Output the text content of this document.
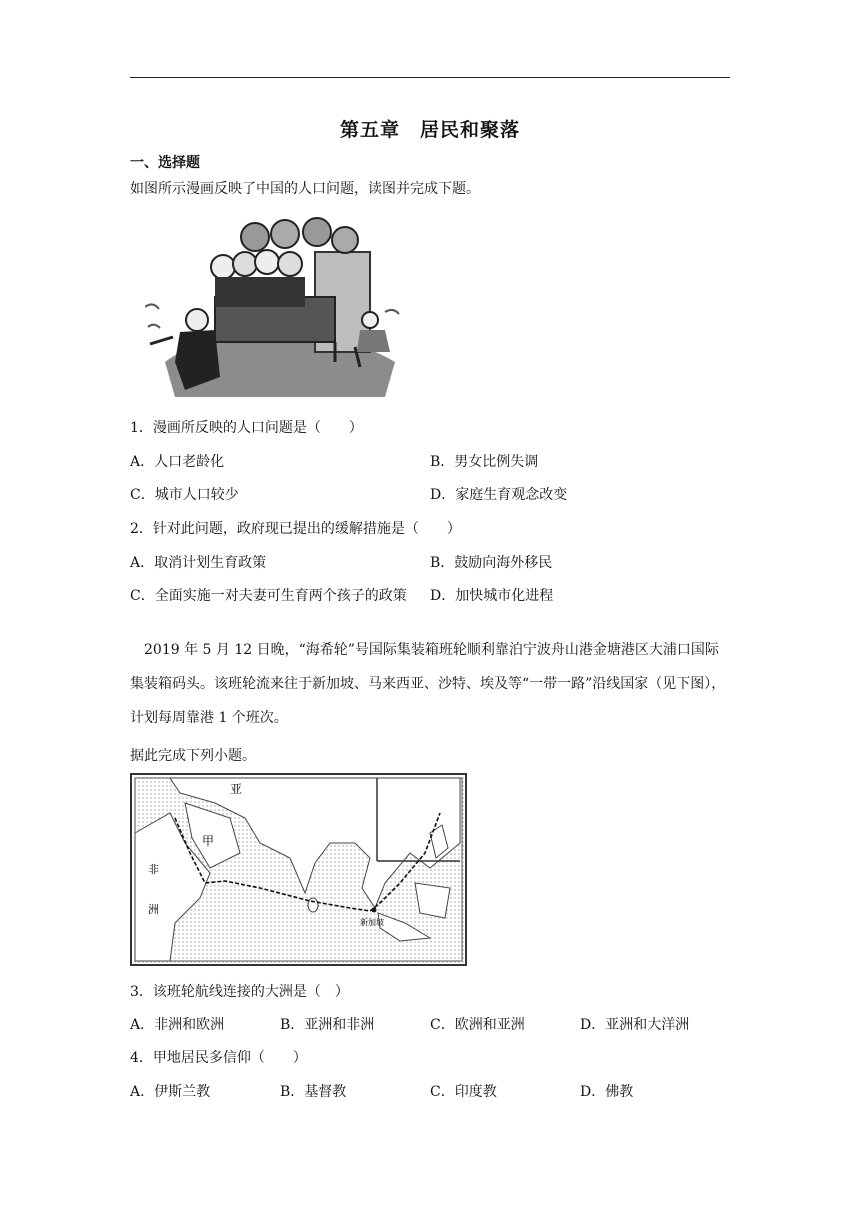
第五章　居民和聚落
一、选择题
如图所示漫画反映了中国的人口问题，读图并完成下题。
1．漫画所反映的人口问题是（　　）
A．人口老龄化	B．男女比例失调
C．城市人口较少	D．家庭生育观念改变
2．针对此问题，政府现已提出的缓解措施是（　　）
A．取消计划生育政策	B．鼓励向海外移民
C．全面实施一对夫妻可生育两个孩子的政策 D．加快城市化进程
2019 年 5 月 12 日晚，“海希轮”号国际集装箱班轮顺利靠泊宁波舟山港金塘港区大浦口国际集装箱码头。该班轮流来往于新加坡、马来西亚、沙特、埃及等“一带一路”沿线国家（见下图），计划每周靠港 1 个班次。
据此完成下列小题。
亚
甲
非
洲
新加坡
3．该班轮航线连接的大洲是（　）
A．非洲和欧洲	B．亚洲和非洲	C．欧洲和亚洲	D．亚洲和大洋洲
4．甲地居民多信仰（　　）
A．伊斯兰教	B．基督教	C．印度教	D．佛教
